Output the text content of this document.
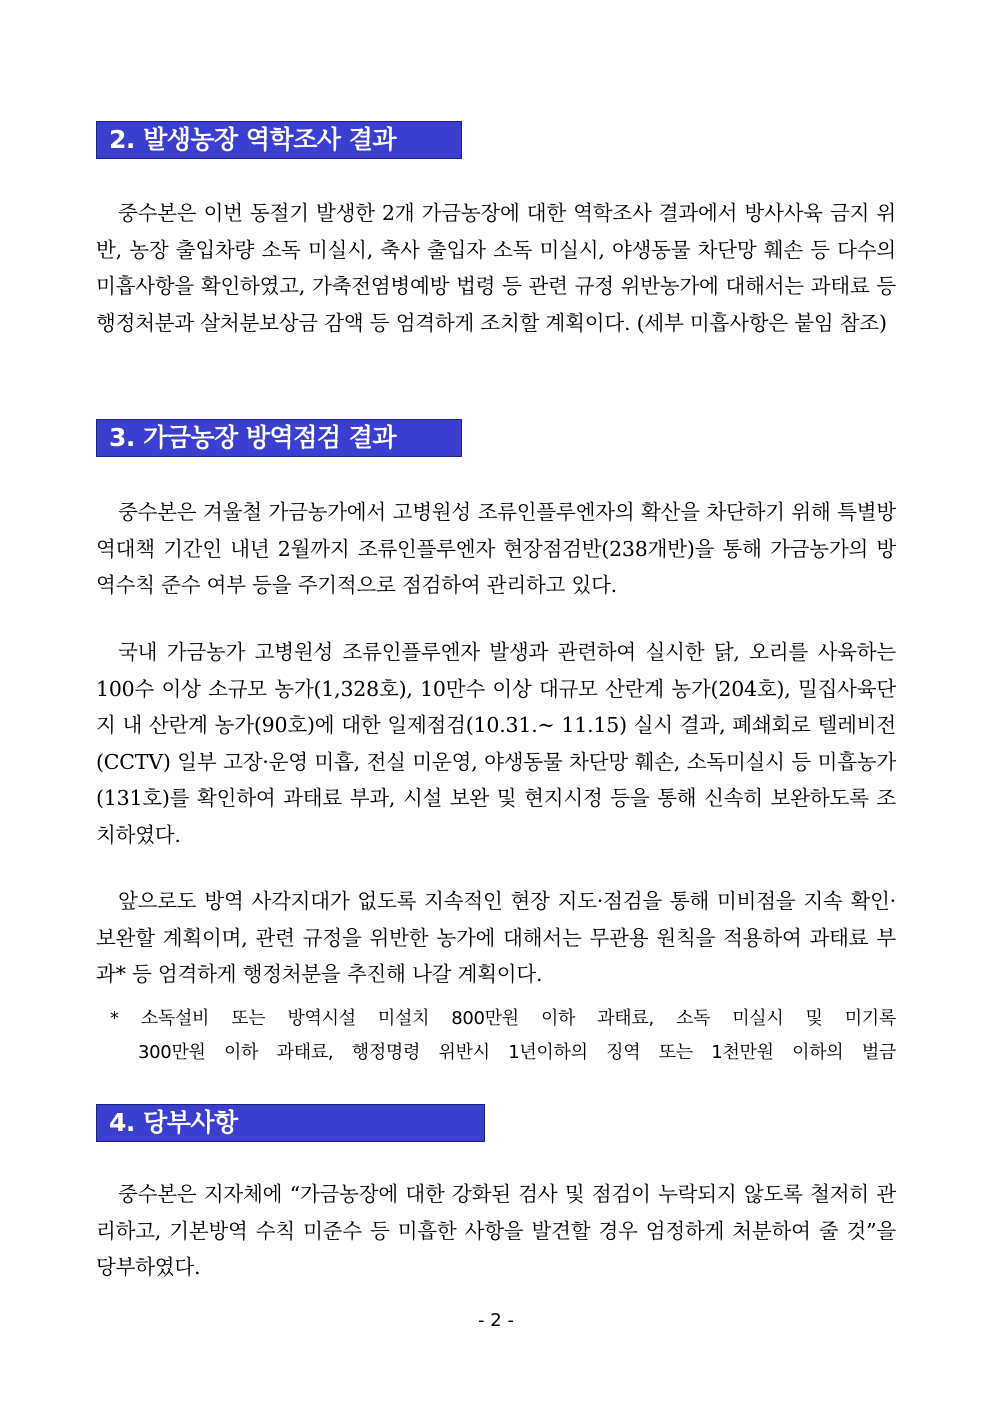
2. 발생농장 역학조사 결과

중수본은 이번 동절기 발생한 2개 가금농장에 대한 역학조사 결과에서 방사사육 금지 위반, 농장 출입차량 소독 미실시, 축사 출입자 소독 미실시, 야생동물 차단망 훼손 등 다수의 미흡사항을 확인하였고, 가축전염병예방 법령 등 관련 규정 위반농가에 대해서는 과태료 등 행정처분과 살처분보상금 감액 등 엄격하게 조치할 계획이다. (세부 미흡사항은 붙임 참조)

3. 가금농장 방역점검 결과

중수본은 겨울철 가금농가에서 고병원성 조류인플루엔자의 확산을 차단하기 위해 특별방역대책 기간인 내년 2월까지 조류인플루엔자 현장점검반(238개반)을 통해 가금농가의 방역수칙 준수 여부 등을 주기적으로 점검하여 관리하고 있다.

국내 가금농가 고병원성 조류인플루엔자 발생과 관련하여 실시한 닭, 오리를 사육하는 100수 이상 소규모 농가(1,328호), 10만수 이상 대규모 산란계 농가(204호), 밀집사육단지 내 산란계 농가(90호)에 대한 일제점검(10.31.~ 11.15) 실시 결과, 폐쇄회로 텔레비전(CCTV) 일부 고장·운영 미흡, 전실 미운영, 야생동물 차단망 훼손, 소독미실시 등 미흡농가(131호)를 확인하여 과태료 부과, 시설 보완 및 현지시정 등을 통해 신속히 보완하도록 조치하였다.

앞으로도 방역 사각지대가 없도록 지속적인 현장 지도·점검을 통해 미비점을 지속 확인·보완할 계획이며, 관련 규정을 위반한 농가에 대해서는 무관용 원칙을 적용하여 과태료 부과* 등 엄격하게 행정처분을 추진해 나갈 계획이다.

* 소독설비 또는 방역시설 미설치 800만원 이하 과태료, 소독 미실시 및 미기록
300만원 이하 과태료, 행정명령 위반시 1년이하의 징역 또는 1천만원 이하의 벌금
4. 당부사항

중수본은 지자체에 “가금농장에 대한 강화된 검사 및 점검이 누락되지 않도록 철저히 관리하고, 기본방역 수칙 미준수 등 미흡한 사항을 발견할 경우 엄정하게 처분하여 줄 것”을 당부하였다.

- 2 -
